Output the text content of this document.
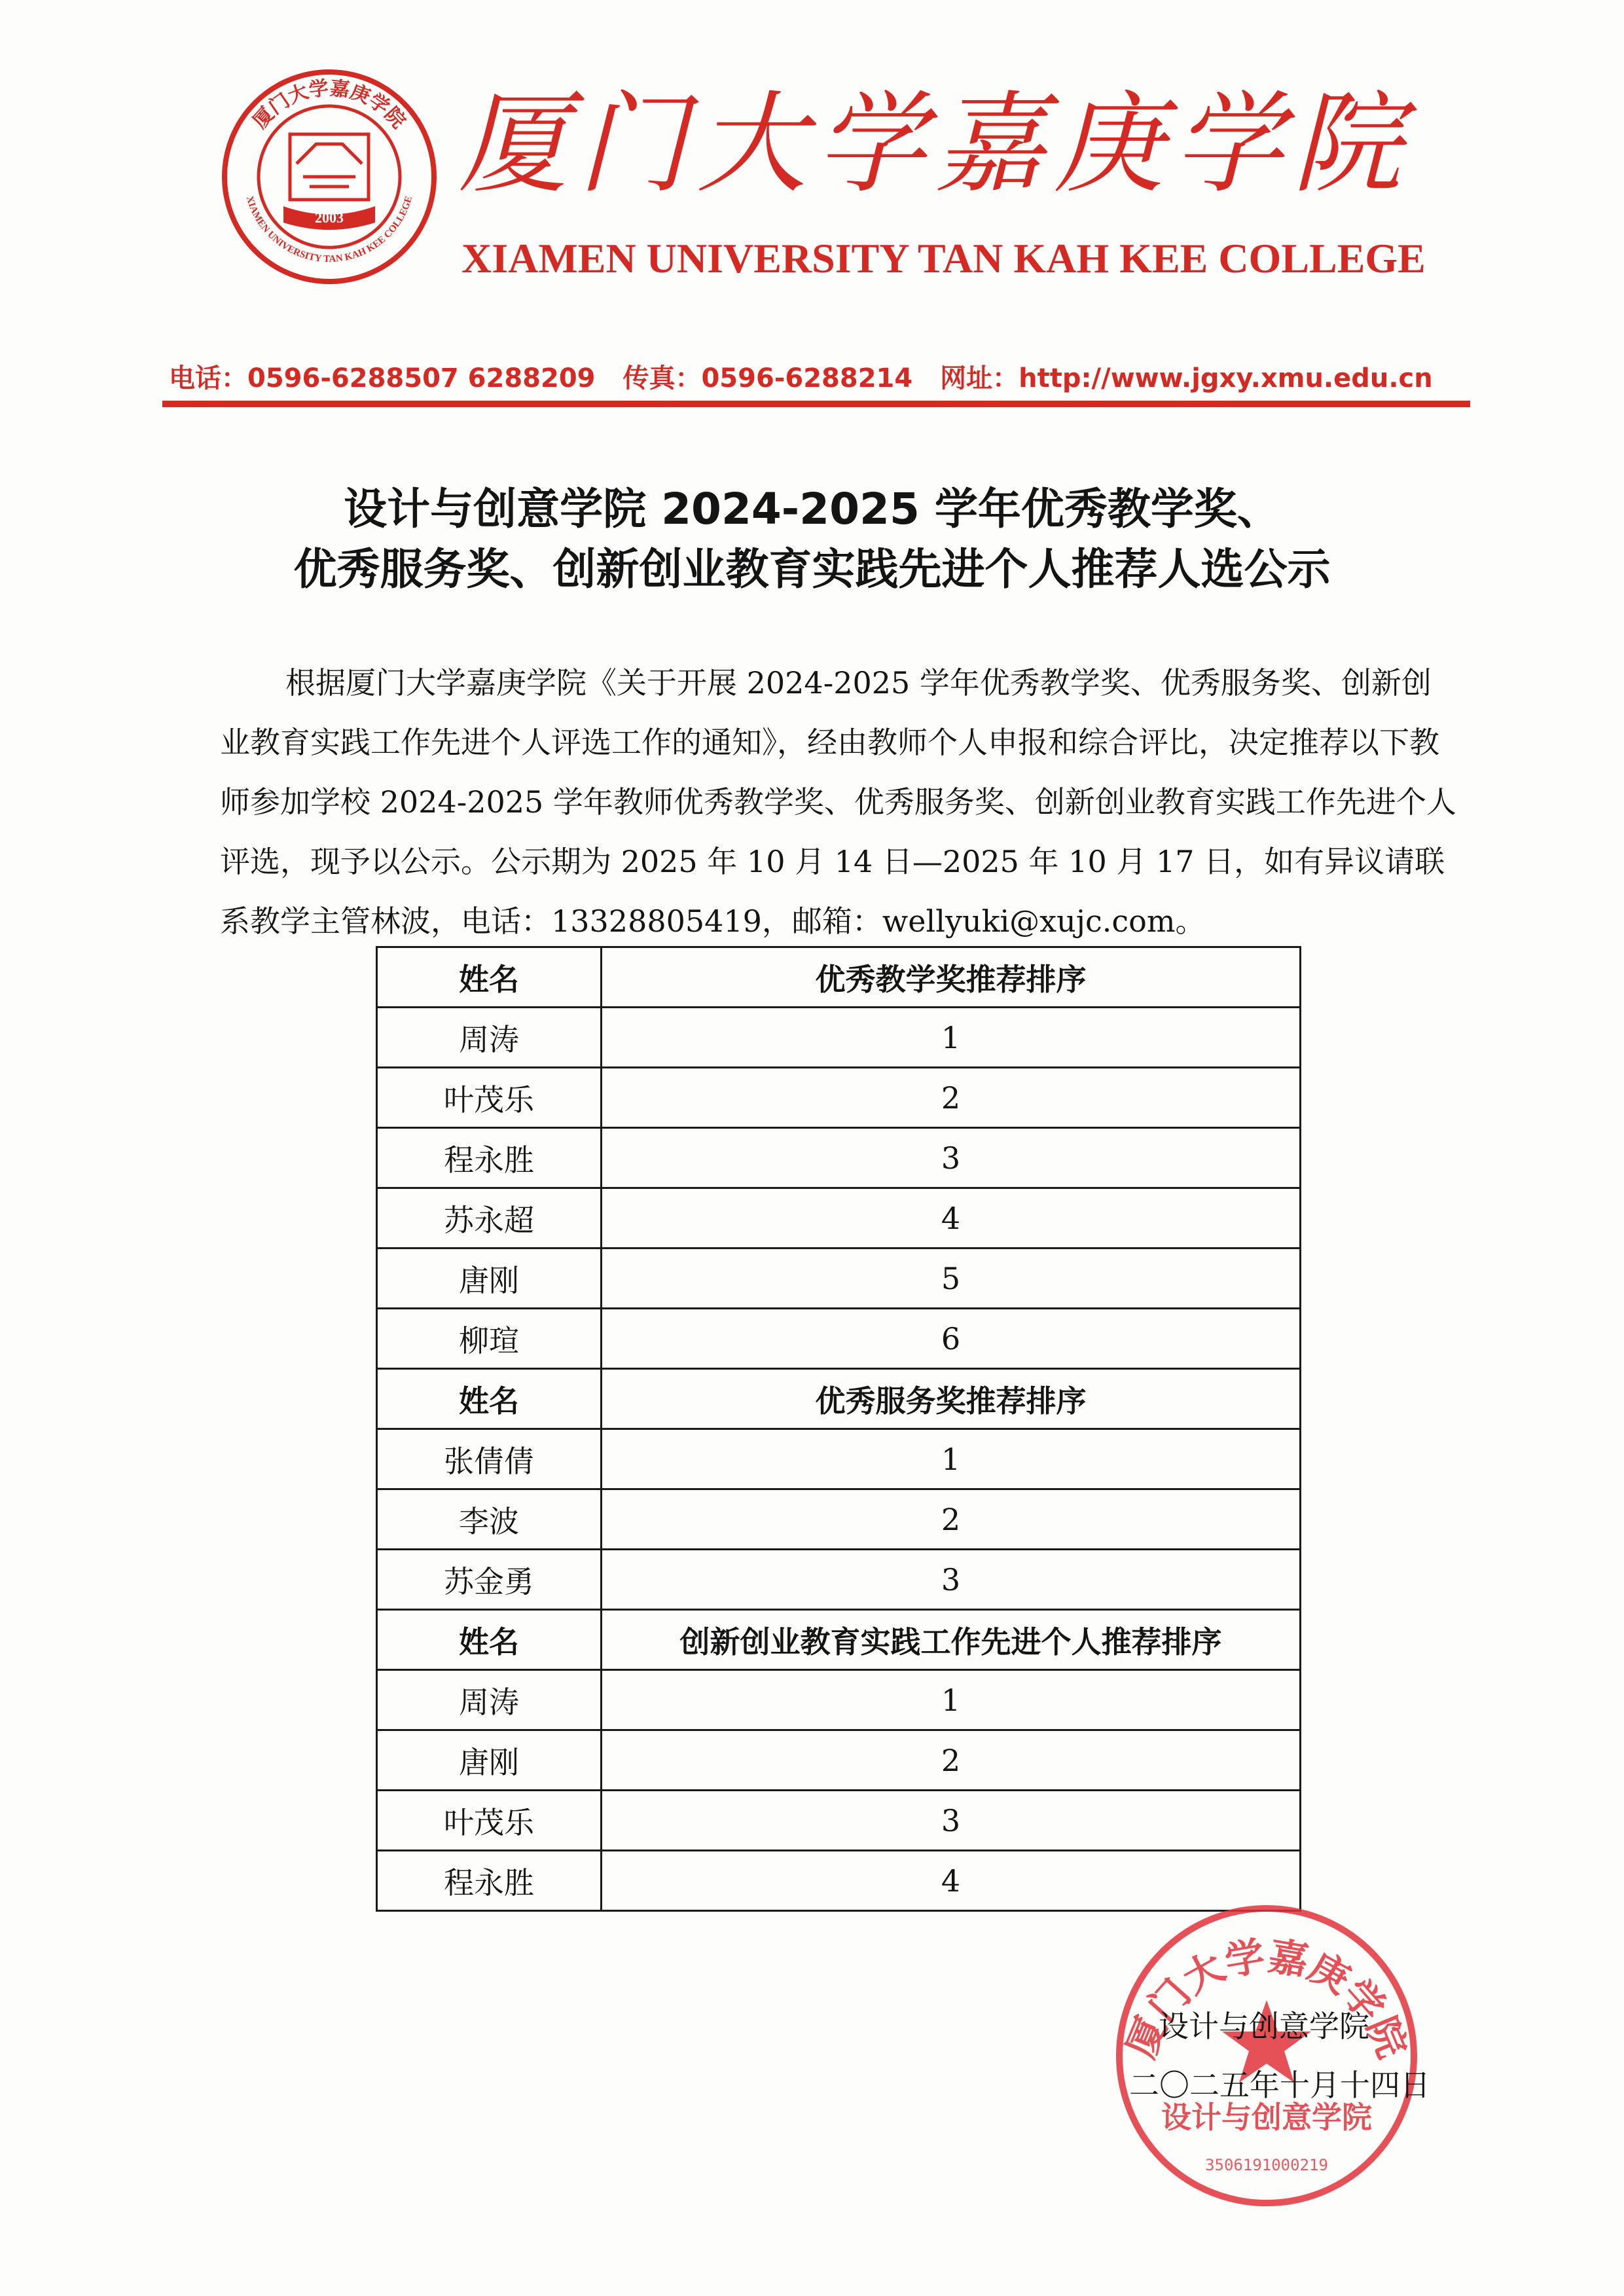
厦门大学嘉庚学院
XIAMEN UNIVERSITY TAN KAH KEE COLLEGE
2003
厦门大学嘉庚学院
XIAMEN UNIVERSITY TAN KAH KEE COLLEGE
电话：0596-6288507 6288209 传真：0596-6288214 网址：http://www.jgxy.xmu.edu.cn
设计与创意学院 2024-2025 学年优秀教学奖、
优秀服务奖、创新创业教育实践先进个人推荐人选公示
根据厦门大学嘉庚学院《关于开展 2024-2025 学年优秀教学奖、优秀服务奖、创新创业教育实践工作先进个人评选工作的通知》，经由教师个人申报和综合评比，决定推荐以下教师参加学校 2024-2025 学年教师优秀教学奖、优秀服务奖、创新创业教育实践工作先进个人评选，现予以公示。公示期为 2025 年 10 月 14 日—2025 年 10 月 17 日，如有异议请联系教学主管林波，电话：13328805419，邮箱：wellyuki@xujc.com。
姓名	优秀教学奖推荐排序
周涛	1
叶茂乐	2
程永胜	3
苏永超	4
唐刚	5
柳瑄	6
姓名	优秀服务奖推荐排序
张倩倩	1
李波	2
苏金勇	3
姓名	创新创业教育实践工作先进个人推荐排序
周涛	1
唐刚	2
叶茂乐	3
程永胜	4
厦门大学嘉庚学院
设计与创意学院
3506191000219
设计与创意学院
二〇二五年十月十四日
